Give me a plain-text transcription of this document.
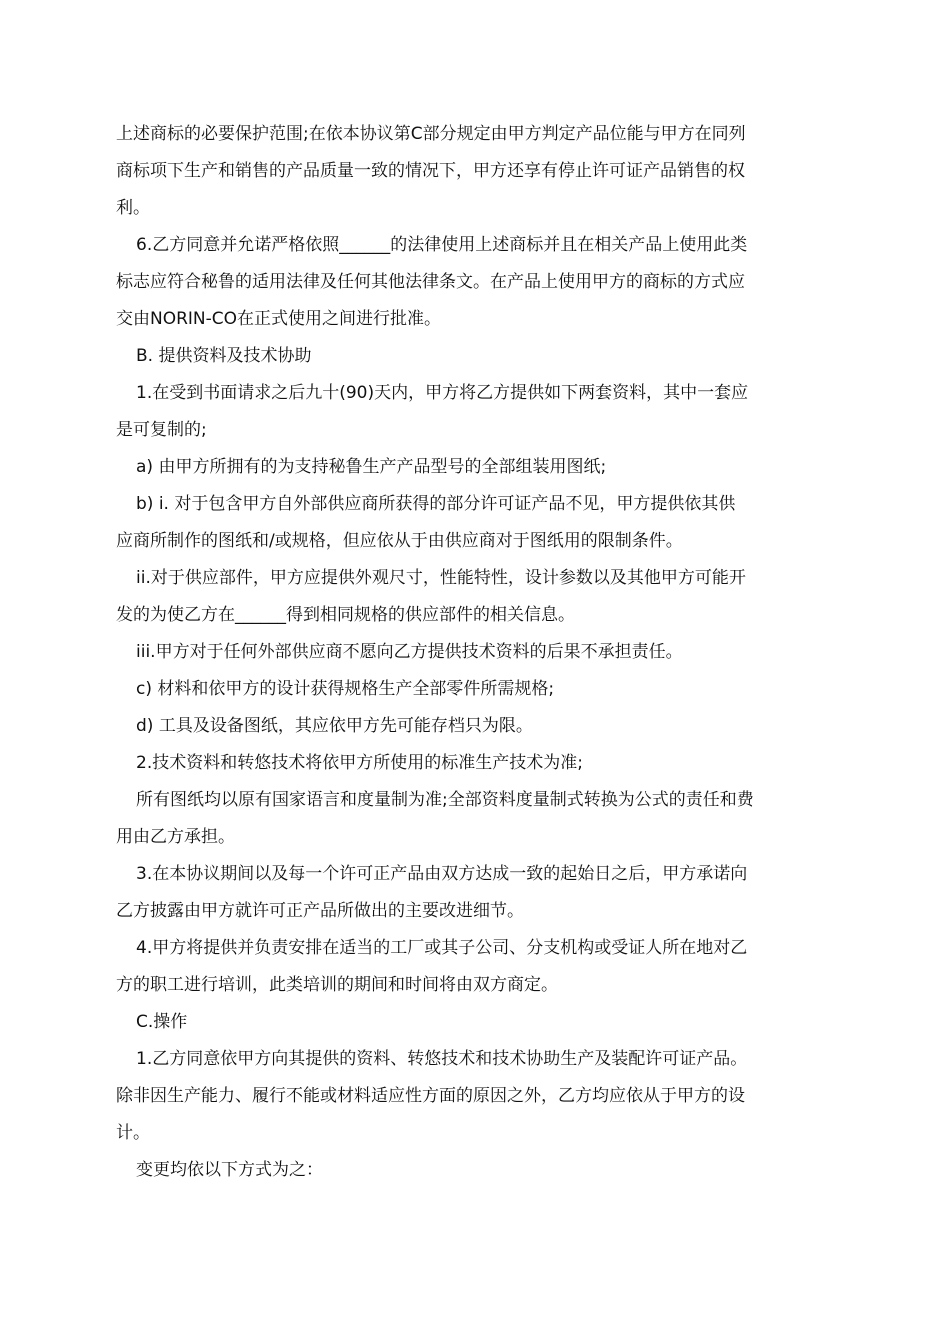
上述商标的必要保护范围;在依本协议第C部分规定由甲方判定产品位能与甲方在同列
商标项下生产和销售的产品质量一致的情况下，甲方还享有停止许可证产品销售的权
利。
6.乙方同意并允诺严格依照______的法律使用上述商标并且在相关产品上使用此类
标志应符合秘鲁的适用法律及任何其他法律条文。在产品上使用甲方的商标的方式应
交由NORIN-CO在正式使用之间进行批准。
B. 提供资料及技术协助
1.在受到书面请求之后九十(90)天内，甲方将乙方提供如下两套资料，其中一套应
是可复制的;
a) 由甲方所拥有的为支持秘鲁生产产品型号的全部组装用图纸;
b) i. 对于包含甲方自外部供应商所获得的部分许可证产品不见，甲方提供依其供
应商所制作的图纸和/或规格，但应依从于由供应商对于图纸用的限制条件。
ii.对于供应部件，甲方应提供外观尺寸，性能特性，设计参数以及其他甲方可能开
发的为使乙方在______得到相同规格的供应部件的相关信息。
iii.甲方对于任何外部供应商不愿向乙方提供技术资料的后果不承担责任。
c) 材料和依甲方的设计获得规格生产全部零件所需规格;
d) 工具及设备图纸，其应依甲方先可能存档只为限。
2.技术资料和转悠技术将依甲方所使用的标准生产技术为准;
所有图纸均以原有国家语言和度量制为准;全部资料度量制式转换为公式的责任和费
用由乙方承担。
3.在本协议期间以及每一个许可正产品由双方达成一致的起始日之后，甲方承诺向
乙方披露由甲方就许可正产品所做出的主要改进细节。
4.甲方将提供并负责安排在适当的工厂或其子公司、分支机构或受证人所在地对乙
方的职工进行培训，此类培训的期间和时间将由双方商定。
C.操作
1.乙方同意依甲方向其提供的资料、转悠技术和技术协助生产及装配许可证产品。
除非因生产能力、履行不能或材料适应性方面的原因之外，乙方均应依从于甲方的设
计。
变更均依以下方式为之：
